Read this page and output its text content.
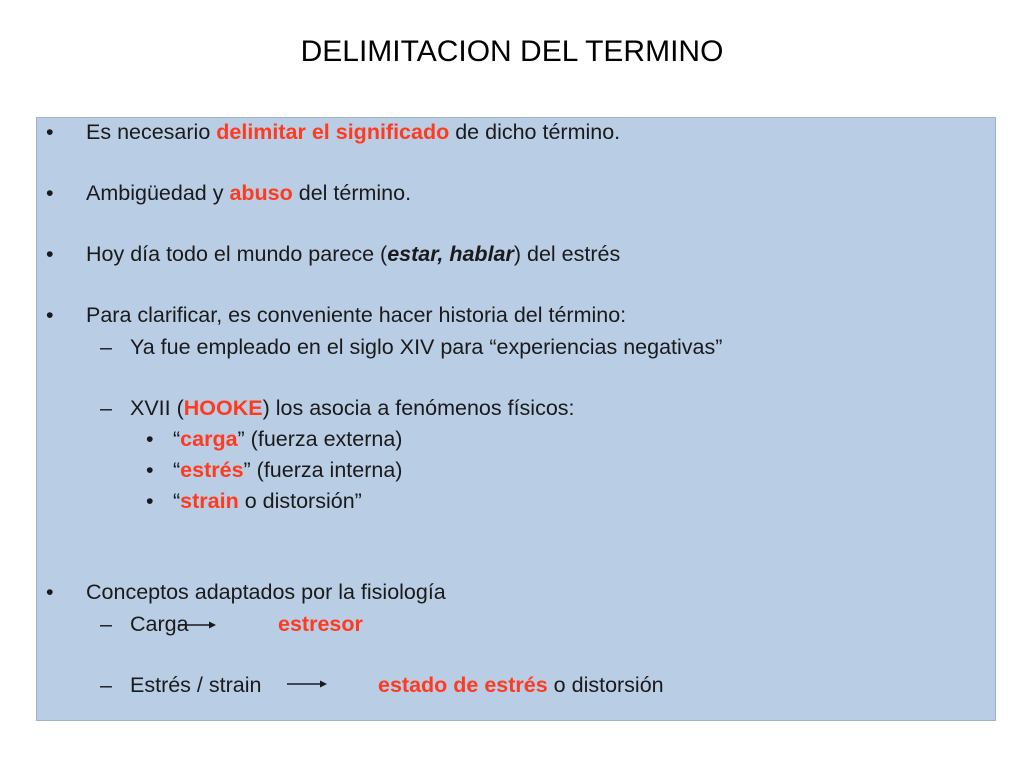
DELIMITACION DEL TERMINO
• Es necesario delimitar el significado de dicho término.
• Ambigüedad y abuso del término.
• Hoy día todo el mundo parece (estar, hablar) del estrés
• Para clarificar, es conveniente hacer historia del término:
– Ya fue empleado en el siglo XIV para “experiencias negativas”
– XVII (HOOKE) los asocia a fenómenos físicos:
• “carga” (fuerza externa)
• “estrés” (fuerza interna)
• “strain o distorsión”
• Conceptos adaptados por la fisiología
– Carga	estresor
– Estrés / strain	estado de estrés o distorsión
